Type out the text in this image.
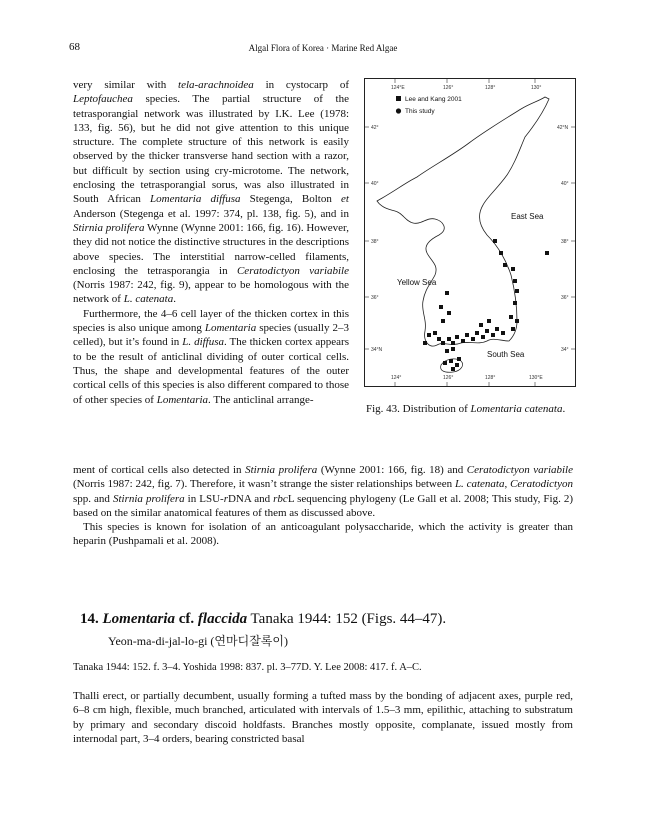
68	Algal Flora of Korea · Marine Red Algae

very similar with tela-arachnoidea in cystocarp of Leptofauchea species. The partial structure of the tetrasporangial network was illustrated by I.K. Lee (1978: 133, fig. 56), but he did not give attention to this unique structure. The complete structure of this network is easily observed by the thicker transverse hand section with a razor, but difficult by section using cry-microtome. The network, enclosing the tetrasporangial sorus, was also illustrated in South African Lomentaria diffusa Stegenga, Bolton et Anderson (Stegenga et al. 1997: 374, pl. 138, fig. 5), and in Stirnia prolifera Wynne (Wynne 2001: 166, fig. 16). However, they did not notice the distinctive structures in the descriptions above species. The interstitial narrow-celled filaments, enclosing the tetrasporangia in Ceratodictyon variabile (Norris 1987: 242, fig. 9), appear to be homologous with the network of L. catenata.

Furthermore, the 4–6 cell layer of the thicken cortex in this species is also unique among Lomentaria species (usually 2–3 celled), but it’s found in L. diffusa. The thicken cortex appears to be the result of anticlinal dividing of outer cortical cells. Thus, the shape and developmental features of the outer cortical cells of this species is also different compared to those of other species of Lomentaria. The anticlinal arrange-

124°E	126°	128°	130°
124°	126°	128°	130°E
42°
40°
38°
36°
34°N
42°N
40°
38°
36°
34°
Lee and Kang 2001
This study
East Sea
Yellow Sea
South Sea
Fig. 43. Distribution of Lomentaria catenata.

ment of cortical cells also detected in Stirnia prolifera (Wynne 2001: 166, fig. 18) and Ceratodictyon variabile (Norris 1987: 242, fig. 7). Therefore, it wasn’t strange the sister relationships between L. catenata, Ceratodictyon spp. and Stirnia prolifera in LSU-rDNA and rbcL sequencing phylogeny (Le Gall et al. 2008; This study, Fig. 2) based on the similar anatomical features of them as discussed above.

This species is known for isolation of an anticoagulant polysaccharide, which the activity is greater than heparin (Pushpamali et al. 2008).

14. Lomentaria cf. flaccida Tanaka 1944: 152 (Figs. 44–47).
Yeon-ma-di-jal-lo-gi (연마디잘록이)
Tanaka 1944: 152. f. 3–4. Yoshida 1998: 837. pl. 3–77D. Y. Lee 2008: 417. f. A–C.
Thalli erect, or partially decumbent, usually forming a tufted mass by the bonding of adjacent axes, purple red, 6–8 cm high, flexible, much branched, articulated with intervals of 1.5–3 mm, epilithic, attaching to substratum by primary and secondary discoid holdfasts. Branches mostly opposite, complanate, issued mostly from internodal part, 3–4 orders, bearing constricted basal
